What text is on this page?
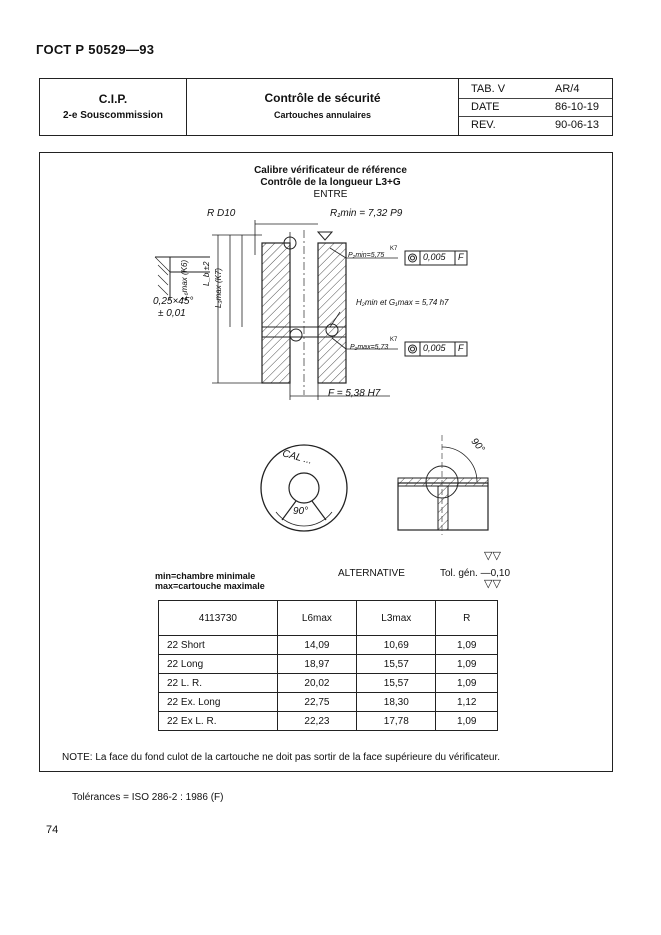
ГОСТ Р 50529—93
C.I.P.
2-e Souscommission
Contrôle de sécurité
Cartouches annulaires
TAB. V	AR/4
DATE	86-10-19
REV.	90-06-13
Calibre vérificateur de référence
Contrôle de la longueur L3+G
ENTRE
R D10	R₁min = 7,32 P9
P₂min=5,75
K7
0,005 F
H₂min et G₁max = 5,74 h7
P₂max=5,73
K7
0,005 F
0,25×45°
± 0,01
L₆max (K6)	L₃max (K7)
L_b ±2
F = 5,38 H7
CAL ...
90°
90°
▽▽
min=chambre minimale
max=cartouche maximale
ALTERNATIVE	Tol. gén. —0,10
▽▽
4113730	L6max	L3max	R
22 Short	14,09	10,69	1,09
22 Long	18,97	15,57	1,09
22 L. R.	20,02	15,57	1,09
22 Ex. Long	22,75	18,30	1,12
22 Ex L. R.	22,23	17,78	1,09
NOTE: La face du fond culot de la cartouche ne doit pas sortir de la face supérieure du vérificateur.
Tolérances = ISO 286-2 : 1986 (F)
74
